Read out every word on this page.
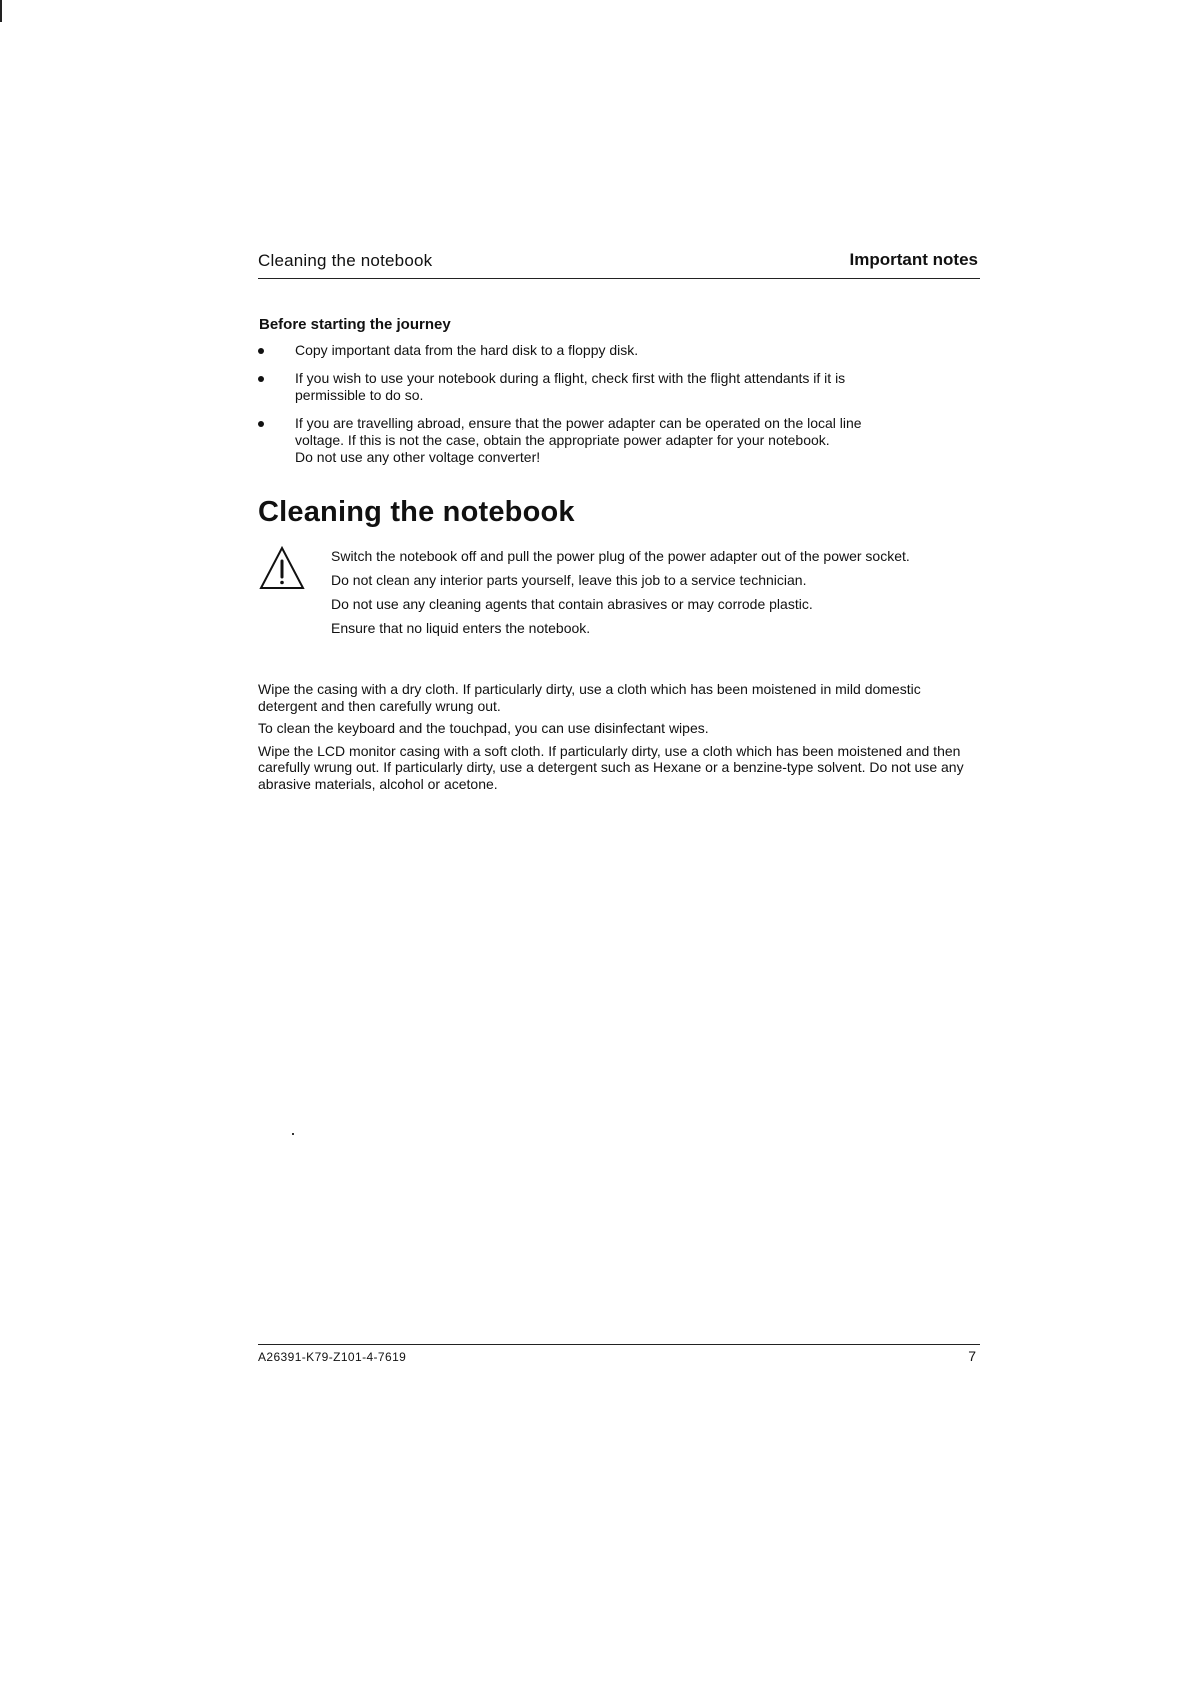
Cleaning the notebook	Important notes
Before starting the journey
Copy important data from the hard disk to a floppy disk.
If you wish to use your notebook during a flight, check first with the flight attendants if it is
permissible to do so.
If you are travelling abroad, ensure that the power adapter can be operated on the local line
voltage. If this is not the case, obtain the appropriate power adapter for your notebook.
Do not use any other voltage converter!
Cleaning the notebook

Switch the notebook off and pull the power plug of the power adapter out of the power socket.

Do not clean any interior parts yourself, leave this job to a service technician.

Do not use any cleaning agents that contain abrasives or may corrode plastic.

Ensure that no liquid enters the notebook.

Wipe the casing with a dry cloth. If particularly dirty, use a cloth which has been moistened in mild domestic detergent and then carefully wrung out.

To clean the keyboard and the touchpad, you can use disinfectant wipes.

Wipe the LCD monitor casing with a soft cloth. If particularly dirty, use a cloth which has been moistened and then carefully wrung out. If particularly dirty, use a detergent such as Hexane or a benzine-type solvent. Do not use any abrasive materials, alcohol or acetone.

A26391-K79-Z101-4-7619	7
